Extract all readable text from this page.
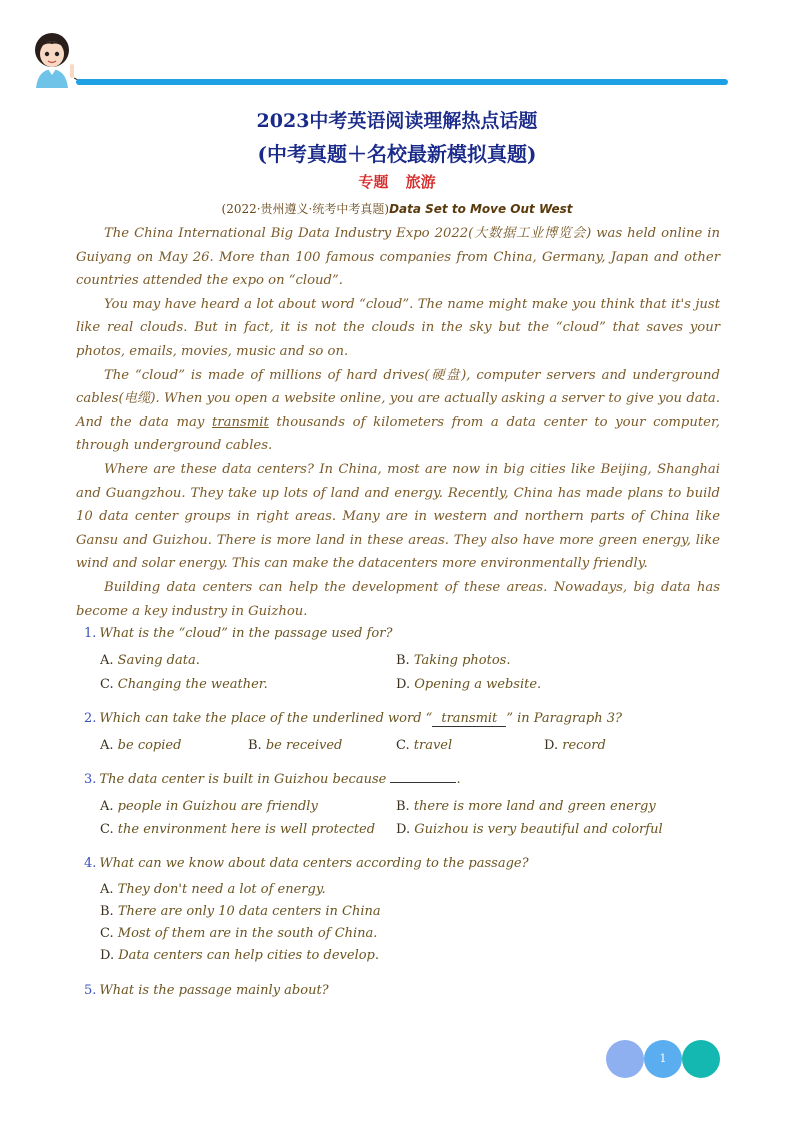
2023中考英语阅读理解热点话题
(中考真题＋名校最新模拟真题)
专题 旅游
(2022·贵州遵义·统考中考真题)Data Set to Move Out West

The China International Big Data Industry Expo 2022(大数据工业博览会) was held online in Guiyang on May 26. More than 100 famous companies from China, Germany, Japan and other countries attended the expo on “cloud”.

You may have heard a lot about word “cloud”. The name might make you think that it's just like real clouds. But in fact, it is not the clouds in the sky but the “cloud” that saves your photos, emails, movies, music and so on.

The “cloud” is made of millions of hard drives(硬盘), computer servers and underground cables(电缆). When you open a website online, you are actually asking a server to give you data. And the data may transmit thousands of kilometers from a data center to your computer, through underground cables.

Where are these data centers? In China, most are now in big cities like Beijing, Shanghai and Guangzhou. They take up lots of land and energy. Recently, China has made plans to build 10 data center groups in right areas. Many are in western and northern parts of China like Gansu and Guizhou. There is more land in these areas. They also have more green energy, like wind and solar energy. This can make the datacenters more environmentally friendly.

Building data centers can help the development of these areas. Nowadays, big data has become a key industry in Guizhou.

1. What is the “cloud” in the passage used for?
A. Saving data.	B. Taking photos.
C. Changing the weather.	D. Opening a website.
2. Which can take the place of the underlined word “ transmit ” in Paragraph 3?
A. be copied	B. be received	C. travel	D. record
3. The data center is built in Guizhou because	.
A. people in Guizhou are friendly	B. there is more land and green energy
C. the environment here is well protected D. Guizhou is very beautiful and colorful
4. What can we know about data centers according to the passage?
A. They don't need a lot of energy.
B. There are only 10 data centers in China
C. Most of them are in the south of China.
D. Data centers can help cities to develop.
5. What is the passage mainly about?
1
